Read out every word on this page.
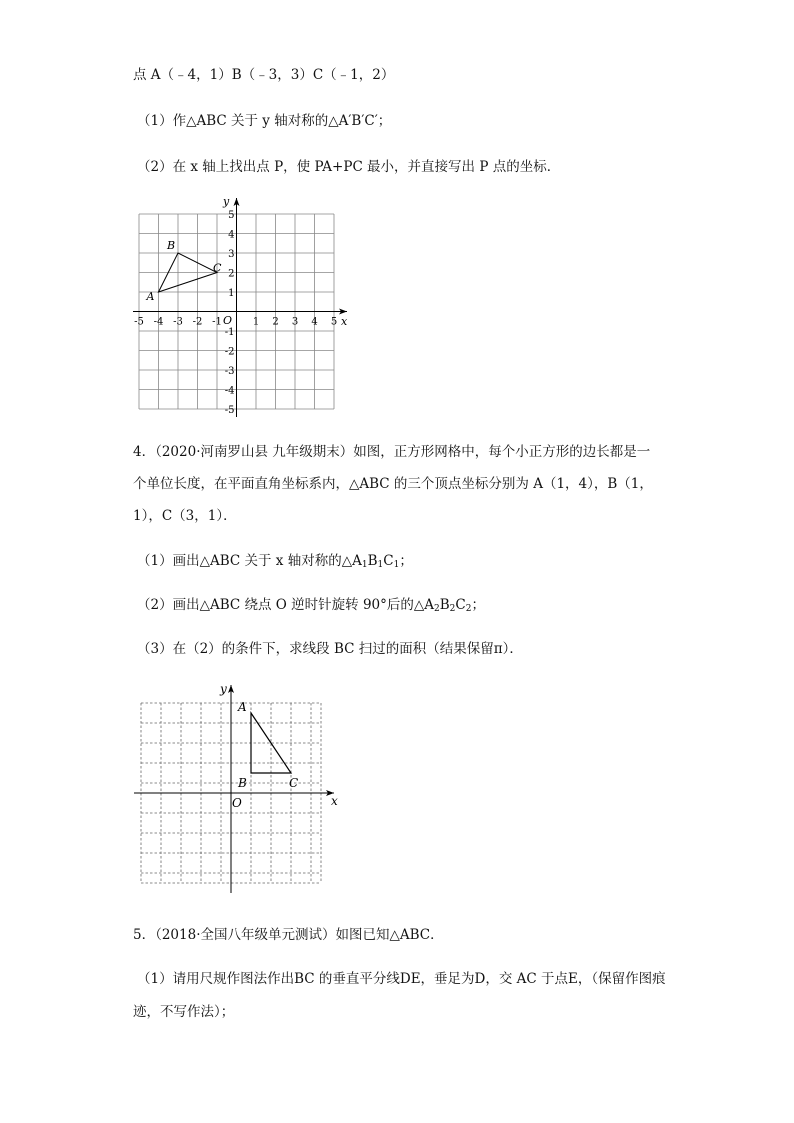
点 A（﹣4，1）B（﹣3，3）C（﹣1，2）
（1）作△ABC 关于 y 轴对称的△A′B′C′；
（2）在 x 轴上找出点 P，使 PA+PC 最小，并直接写出 P 点的坐标．
x
y
O
-5 -4 -3 -2 -1	1 2 3 4 5
5
4
3
2
1
-1
-2
-3
-4
-5
A
B
C
4．（2020·河南罗山县 九年级期末）如图，正方形网格中，每个小正方形的边长都是一
个单位长度，在平面直角坐标系内，△ABC 的三个顶点坐标分别为 A（1，4），B（1，
1），C（3，1）．
（1）画出△ABC 关于 x 轴对称的$\triangle A_1B_1C_1$；
（2）画出△ABC 绕点 O 逆时针旋转 90°后的$\triangle A_2B_2C_2$；
（3）在（2）的条件下，求线段 BC 扫过的面积（结果保留π）．
x
y
O
A
B	C
5．（2018·全国八年级单元测试）如图已知△ABC．
（1）请用尺规作图法作出BC 的垂直平分线DE，垂足为D，交 AC 于点E，（保留作图痕
迹，不写作法）；
